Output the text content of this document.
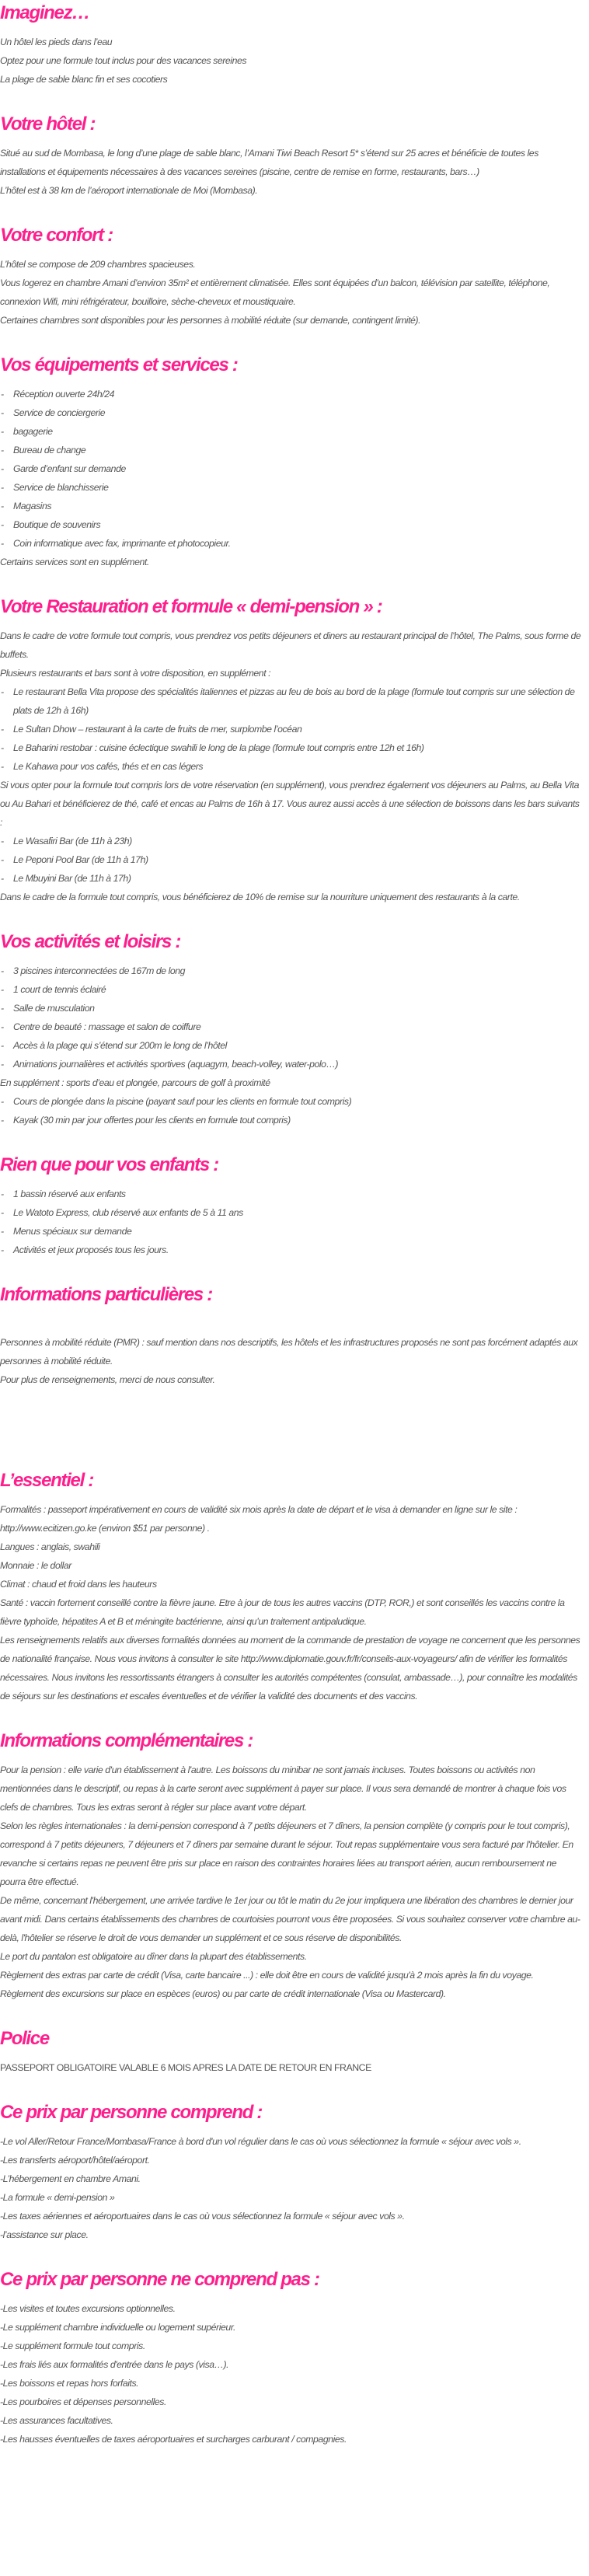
Imaginez…
Un hôtel les pieds dans l’eau
Optez pour une formule tout inclus pour des vacances sereines
La plage de sable blanc fin et ses cocotiers
Votre hôtel :
Situé au sud de Mombasa, le long d’une plage de sable blanc, l’Amani Tiwi Beach Resort 5* s’étend sur 25 acres et bénéficie de toutes les installations et équipements nécessaires à des vacances sereines (piscine, centre de remise en forme, restaurants, bars…)
L’hôtel est à 38 km de l’aéroport internationale de Moi (Mombasa).
Votre confort :
L’hôtel se compose de 209 chambres spacieuses.
Vous logerez en chambre Amani d’environ 35m² et entièrement climatisée. Elles sont équipées d’un balcon, télévision par satellite, téléphone, connexion Wifi, mini réfrigérateur, bouilloire, sèche-cheveux et moustiquaire.
Certaines chambres sont disponibles pour les personnes à mobilité réduite (sur demande, contingent limité).
Vos équipements et services :
- Réception ouverte 24h/24
- Service de conciergerie
- bagagerie
- Bureau de change
- Garde d’enfant sur demande
- Service de blanchisserie
- Magasins
- Boutique de souvenirs
- Coin informatique avec fax, imprimante et photocopieur.
Certains services sont en supplément.
Votre Restauration et formule « demi-pension » :
Dans le cadre de votre formule tout compris, vous prendrez vos petits déjeuners et diners au restaurant principal de l’hôtel, The Palms, sous forme de buffets.
Plusieurs restaurants et bars sont à votre disposition, en supplément :
- Le restaurant Bella Vita propose des spécialités italiennes et pizzas au feu de bois au bord de la plage (formule tout compris sur une sélection de plats de 12h à 16h)
- Le Sultan Dhow – restaurant à la carte de fruits de mer, surplombe l’océan
- Le Baharini restobar : cuisine éclectique swahili le long de la plage (formule tout compris entre 12h et 16h)
- Le Kahawa pour vos cafés, thés et en cas légers
Si vous opter pour la formule tout compris lors de votre réservation (en supplément), vous prendrez également vos déjeuners au Palms, au Bella Vita ou Au Bahari et bénéficierez de thé, café et encas au Palms de 16h à 17. Vous aurez aussi accès à une sélection de boissons dans les bars suivants :
- Le Wasafiri Bar (de 11h à 23h)
- Le Peponi Pool Bar (de 11h à 17h)
- Le Mbuyini Bar (de 11h à 17h)
Dans le cadre de la formule tout compris, vous bénéficierez de 10% de remise sur la nourriture uniquement des restaurants à la carte.
Vos activités et loisirs :
- 3 piscines interconnectées de 167m de long
- 1 court de tennis éclairé
- Salle de musculation
- Centre de beauté : massage et salon de coiffure
- Accès à la plage qui s’étend sur 200m le long de l’hôtel
- Animations journalières et activités sportives (aquagym, beach-volley, water-polo…)
En supplément : sports d’eau et plongée, parcours de golf à proximité
- Cours de plongée dans la piscine (payant sauf pour les clients en formule tout compris)
- Kayak (30 min par jour offertes pour les clients en formule tout compris)
Rien que pour vos enfants :
- 1 bassin réservé aux enfants
- Le Watoto Express, club réservé aux enfants de 5 à 11 ans
- Menus spéciaux sur demande
- Activités et jeux proposés tous les jours.
Informations particulières :
Personnes à mobilité réduite (PMR) : sauf mention dans nos descriptifs, les hôtels et les infrastructures proposés ne sont pas forcément adaptés aux personnes à mobilité réduite.
Pour plus de renseignements, merci de nous consulter.
L’essentiel :
Formalités : passeport impérativement en cours de validité six mois après la date de départ et le visa à demander en ligne sur le site : http://www.ecitizen.go.ke (environ $51 par personne) .
Langues : anglais, swahili
Monnaie : le dollar
Climat : chaud et froid dans les hauteurs
Santé : vaccin fortement conseillé contre la fièvre jaune. Etre à jour de tous les autres vaccins (DTP, ROR,) et sont conseillés les vaccins contre la fièvre typhoïde, hépatites A et B et méningite bactérienne, ainsi qu’un traitement antipaludique.
Les renseignements relatifs aux diverses formalités données au moment de la commande de prestation de voyage ne concernent que les personnes de nationalité française. Nous vous invitons à consulter le site http://www.diplomatie.gouv.fr/fr/conseils-aux-voyageurs/ afin de vérifier les formalités nécessaires. Nous invitons les ressortissants étrangers à consulter les autorités compétentes (consulat, ambassade…), pour connaître les modalités de séjours sur les destinations et escales éventuelles et de vérifier la validité des documents et des vaccins.
Informations complémentaires :
Pour la pension : elle varie d'un établissement à l'autre. Les boissons du minibar ne sont jamais incluses. Toutes boissons ou activités non mentionnées dans le descriptif, ou repas à la carte seront avec supplément à payer sur place. Il vous sera demandé de montrer à chaque fois vos clefs de chambres. Tous les extras seront à régler sur place avant votre départ.
Selon les règles internationales : la demi-pension correspond à 7 petits déjeuners et 7 dîners, la pension complète (y compris pour le tout compris), correspond à 7 petits déjeuners, 7 déjeuners et 7 dîners par semaine durant le séjour. Tout repas supplémentaire vous sera facturé par l'hôtelier. En revanche si certains repas ne peuvent être pris sur place en raison des contraintes horaires liées au transport aérien, aucun remboursement ne pourra être effectué.
De même, concernant l'hébergement, une arrivée tardive le 1er jour ou tôt le matin du 2e jour impliquera une libération des chambres le dernier jour avant midi. Dans certains établissements des chambres de courtoisies pourront vous être proposées. Si vous souhaitez conserver votre chambre au-delà, l'hôtelier se réserve le droit de vous demander un supplément et ce sous réserve de disponibilités.
Le port du pantalon est obligatoire au dîner dans la plupart des établissements.
Règlement des extras par carte de crédit (Visa, carte bancaire ...) : elle doit être en cours de validité jusqu'à 2 mois après la fin du voyage.
Règlement des excursions sur place en espèces (euros) ou par carte de crédit internationale (Visa ou Mastercard).
Police
PASSEPORT OBLIGATOIRE VALABLE 6 MOIS APRES LA DATE DE RETOUR EN FRANCE
Ce prix par personne comprend :
-Le vol Aller/Retour France/Mombasa/France à bord d'un vol régulier dans le cas où vous sélectionnez la formule « séjour avec vols ».
-Les transferts aéroport/hôtel/aéroport.
-L’hébergement en chambre Amani.
-La formule « demi-pension »
-Les taxes aériennes et aéroportuaires dans le cas où vous sélectionnez la formule « séjour avec vols ».
-l’assistance sur place.
Ce prix par personne ne comprend pas :
-Les visites et toutes excursions optionnelles.
-Le supplément chambre individuelle ou logement supérieur.
-Le supplément formule tout compris.
-Les frais liés aux formalités d'entrée dans le pays (visa…).
-Les boissons et repas hors forfaits.
-Les pourboires et dépenses personnelles.
-Les assurances facultatives.
-Les hausses éventuelles de taxes aéroportuaires et surcharges carburant / compagnies.
